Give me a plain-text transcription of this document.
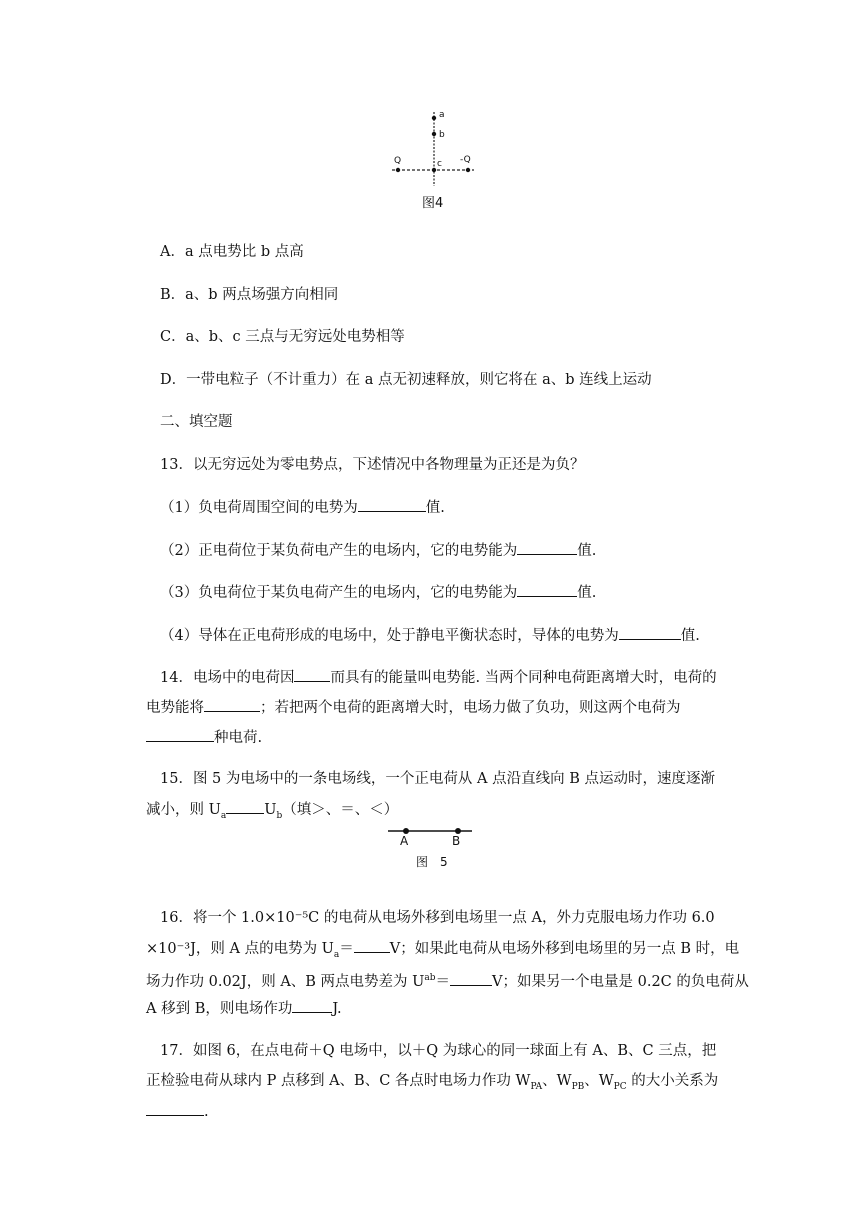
a
b
c
Q	-Q
图4
A．a 点电势比 b 点高
B．a、b 两点场强方向相同
C．a、b、c 三点与无穷远处电势相等
D．一带电粒子（不计重力）在 a 点无初速释放，则它将在 a、b 连线上运动
二、填空题
13．以无穷远处为零电势点，下述情况中各物理量为正还是为负？
（1）负电荷周围空间的电势为	值.
（2）正电荷位于某负荷电产生的电场内，它的电势能为	值.
（3）负电荷位于某负电荷产生的电场内，它的电势能为	值.
（4）导体在正电荷形成的电场中，处于静电平衡状态时，导体的电势为	值.
14．电场中的电荷因 而具有的能量叫电势能. 当两个同种电荷距离增大时，电荷的
电势能将	；若把两个电荷的距离增大时，电场力做了负功，则这两个电荷为
种电荷.
15．图 5 为电场中的一条电场线，一个正电荷从 A 点沿直线向 B 点运动时，速度逐渐
减小，则 $U_a$	$U_b$（填＞、＝、＜）
A	B
图　5
16．将一个 1.0×10⁻⁵C 的电荷从电场外移到电场里一点 A，外力克服电场力作功 6.0
×10⁻³J，则 A 点的电势为 $U_a= V$；如果此电荷从电场外移到电场里的另一点 B 时，电
场力作功 0.02J，则 A、B 两点电势差为 $U^{ab}=$	V；如果另一个电量是 0.2C 的负电荷从
A 移到 B，则电场作功	J.
17．如图 6，在点电荷＋Q 电场中，以＋Q 为球心的同一球面上有 A、B、C 三点，把
正检验电荷从球内 P 点移到 A、B、C 各点时电场力作功 $W_{PA}$、$W_{PB}$、$W_{PC}$ 的大小关系为
.
